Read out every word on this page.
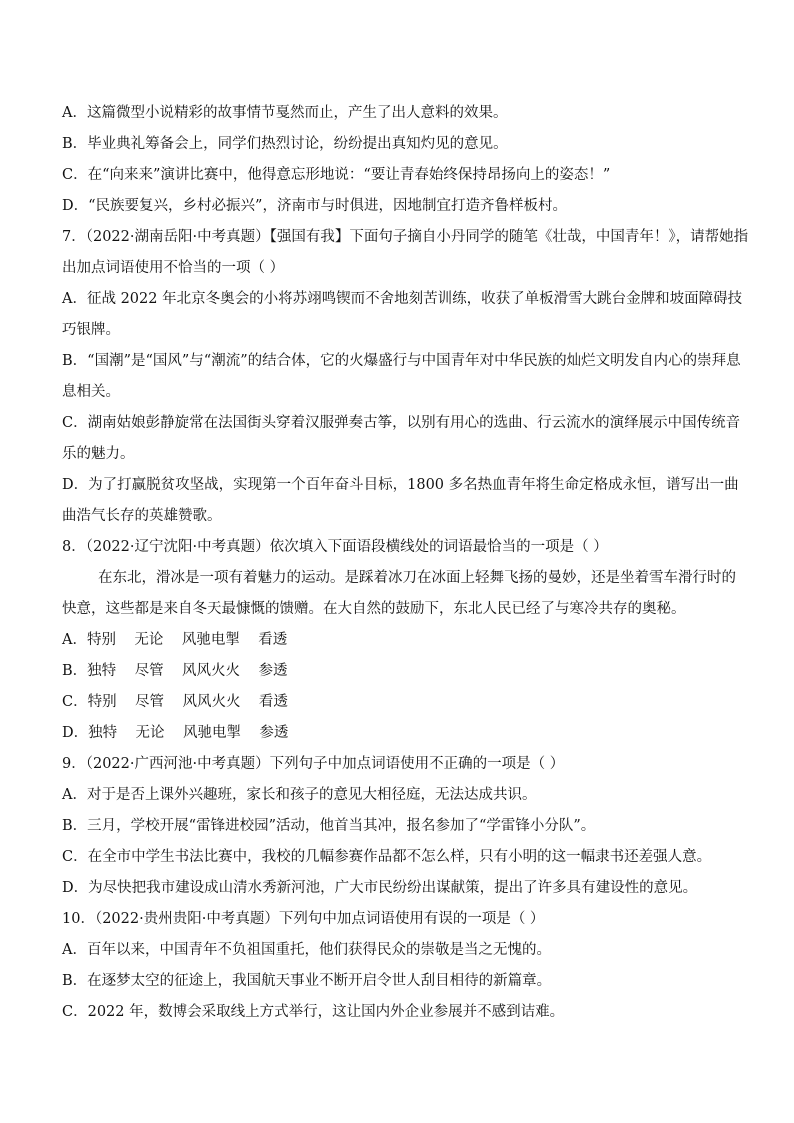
A．这篇微型小说精彩的故事情节戛然而止，产生了出人意料的效果。
B．毕业典礼筹备会上，同学们热烈讨论，纷纷提出真知灼见的意见。
C．在“向来来”演讲比赛中，他得意忘形地说：“要让青春始终保持昂扬向上的姿态！”
D．“民族要复兴，乡村必振兴”，济南市与时俱进，因地制宜打造齐鲁样板村。
7．（2022·湖南岳阳·中考真题）【强国有我】下面句子摘自小丹同学的随笔《壮哉，中国青年！》，请帮她指
出加点词语使用不恰当的一项（ ）
A．征战 2022 年北京冬奥会的小将苏翊鸣锲而不舍地刻苦训练，收获了单板滑雪大跳台金牌和坡面障碍技
巧银牌。
B．“国潮”是“国风”与“潮流”的结合体，它的火爆盛行与中国青年对中华民族的灿烂文明发自内心的崇拜息
息相关。
C．湖南姑娘彭静旋常在法国街头穿着汉服弹奏古筝，以别有用心的选曲、行云流水的演绎展示中国传统音
乐的魅力。
D．为了打赢脱贫攻坚战，实现第一个百年奋斗目标，1800 多名热血青年将生命定格成永恒，谱写出一曲
曲浩气长存的英雄赞歌。
8．（2022·辽宁沈阳·中考真题）依次填入下面语段横线处的词语最恰当的一项是（ ）
在东北，滑冰是一项有着魅力的运动。是踩着冰刀在冰面上轻舞飞扬的曼妙，还是坐着雪车滑行时的
快意，这些都是来自冬天最慷慨的馈赠。在大自然的鼓励下，东北人民已经了与寒冷共存的奥秘。
A．特别    无论    风驰电掣    看透
B．独特    尽管    风风火火    参透
C．特别    尽管    风风火火    看透
D．独特    无论    风驰电掣    参透
9．（2022·广西河池·中考真题）下列句子中加点词语使用不正确的一项是（ ）
A．对于是否上课外兴趣班，家长和孩子的意见大相径庭，无法达成共识。
B．三月，学校开展“雷锋进校园”活动，他首当其冲，报名参加了“学雷锋小分队”。
C．在全市中学生书法比赛中，我校的几幅参赛作品都不怎么样，只有小明的这一幅隶书还差强人意。
D．为尽快把我市建设成山清水秀新河池，广大市民纷纷出谋献策，提出了许多具有建设性的意见。
10．（2022·贵州贵阳·中考真题）下列句中加点词语使用有误的一项是（ ）
A．百年以来，中国青年不负祖国重托，他们获得民众的崇敬是当之无愧的。
B．在逐梦太空的征途上，我国航天事业不断开启令世人刮目相待的新篇章。
C．2022 年，数博会采取线上方式举行，这让国内外企业参展并不感到诘难。
